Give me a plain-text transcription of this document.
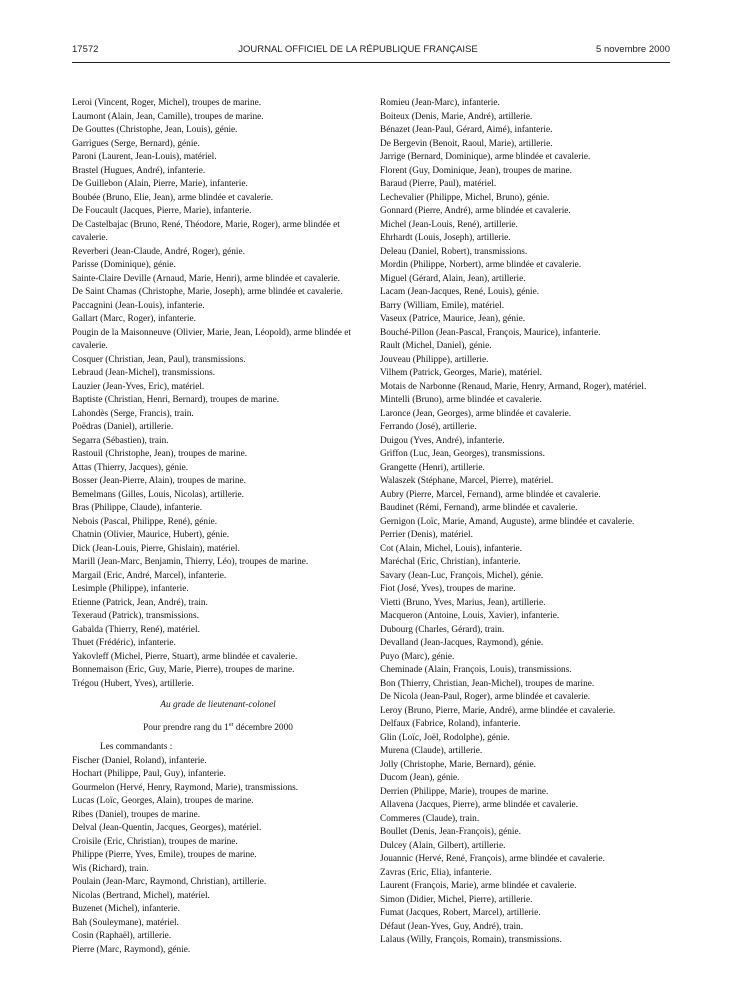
17572	JOURNAL OFFICIEL DE LA RÉPUBLIQUE FRANÇAISE	5 novembre 2000
Leroi (Vincent, Roger, Michel), troupes de marine.
Laumont (Alain, Jean, Camille), troupes de marine.
De Gouttes (Christophe, Jean, Louis), génie.
Garrigues (Serge, Bernard), génie.
Paroni (Laurent, Jean-Louis), matériel.
Brastel (Hugues, André), infanterie.
De Guillebon (Alain, Pierre, Marie), infanterie.
Boubée (Bruno, Elie, Jean), arme blindée et cavalerie.
De Foucault (Jacques, Pierre, Marie), infanterie.
De Castelbajac (Bruno, René, Théodore, Marie, Roger), arme blindée et cavalerie.
Reverberi (Jean-Claude, André, Roger), génie.
Parisse (Dominique), génie.
Sainte-Claire Deville (Arnaud, Marie, Henri), arme blindée et cavalerie.
De Saint Chamas (Christophe, Marie, Joseph), arme blindée et cavalerie.
Paccagnini (Jean-Louis), infanterie.
Gallart (Marc, Roger), infanterie.
Pougin de la Maisonneuve (Olivier, Marie, Jean, Léopold), arme blindée et cavalerie.
Cosquer (Christian, Jean, Paul), transmissions.
Lebraud (Jean-Michel), transmissions.
Lauzier (Jean-Yves, Eric), matériel.
Baptiste (Christian, Henri, Bernard), troupes de marine.
Lahondès (Serge, Francis), train.
Poëdras (Daniel), artillerie.
Segarra (Sébastien), train.
Rastouil (Christophe, Jean), troupes de marine.
Attas (Thierry, Jacques), génie.
Bosser (Jean-Pierre, Alain), troupes de marine.
Bemelmans (Gilles, Louis, Nicolas), artillerie.
Bras (Philippe, Claude), infanterie.
Nebois (Pascal, Philippe, René), génie.
Chatnin (Olivier, Maurice, Hubert), génie.
Dick (Jean-Louis, Pierre, Ghislain), matériel.
Marill (Jean-Marc, Benjamin, Thierry, Léo), troupes de marine.
Margail (Eric, André, Marcel), infanterie.
Lesimple (Philippe), infanterie.
Etienne (Patrick, Jean, André), train.
Texeraud (Patrick), transmissions.
Gabalda (Thierry, René), matériel.
Thuet (Frédéric), infanterie.
Yakovleff (Michel, Pierre, Stuart), arme blindée et cavalerie.
Bonnemaison (Eric, Guy, Marie, Pierre), troupes de marine.
Trégou (Hubert, Yves), artillerie.
Au grade de lieutenant-colonel
Pour prendre rang du 1er décembre 2000
Les commandants :
Fischer (Daniel, Roland), infanterie.
Hochart (Philippe, Paul, Guy), infanterie.
Gourmelon (Hervé, Henry, Raymond, Marie), transmissions.
Lucas (Loïc, Georges, Alain), troupes de marine.
Ribes (Daniel), troupes de marine.
Delval (Jean-Quentin, Jacques, Georges), matériel.
Croisile (Eric, Christian), troupes de marine.
Philippe (Pierre, Yves, Emile), troupes de marine.
Wis (Richard), train.
Poulain (Jean-Marc, Raymond, Christian), artillerie.
Nicolas (Bertrand, Michel), matériel.
Buzenet (Michel), infanterie.
Bah (Souleymane), matériel.
Cosin (Raphaël), artillerie.
Pierre (Marc, Raymond), génie.
Romieu (Jean-Marc), infanterie.
Boiteux (Denis, Marie, André), artillerie.
Bénazet (Jean-Paul, Gérard, Aimé), infanterie.
De Bergevin (Benoit, Raoul, Marie), artillerie.
Jarrige (Bernard, Dominique), arme blindée et cavalerie.
Florent (Guy, Dominique, Jean), troupes de marine.
Baraud (Pierre, Paul), matériel.
Lechevalier (Philippe, Michel, Bruno), génie.
Gonnard (Pierre, André), arme blindée et cavalerie.
Michel (Jean-Louis, René), artillerie.
Ehrhardt (Louis, Joseph), artillerie.
Deleau (Daniel, Robert), transmissions.
Mordin (Philippe, Norbert), arme blindée et cavalerie.
Miguel (Gérard, Alain, Jean), artillerie.
Lacam (Jean-Jacques, René, Louis), génie.
Barry (William, Emile), matériel.
Vaseux (Patrice, Maurice, Jean), génie.
Bouché-Pillon (Jean-Pascal, François, Maurice), infanterie.
Rault (Michel, Daniel), génie.
Jouveau (Philippe), artillerie.
Vilhem (Patrick, Georges, Marie), matériel.
Motais de Narbonne (Renaud, Marie, Henry, Armand, Roger), matériel.
Mintelli (Bruno), arme blindée et cavalerie.
Laronce (Jean, Georges), arme blindée et cavalerie.
Ferrando (José), artillerie.
Duigou (Yves, André), infanterie.
Griffon (Luc, Jean, Georges), transmissions.
Grangette (Henri), artillerie.
Walaszek (Stéphane, Marcel, Pierre), matériel.
Aubry (Pierre, Marcel, Fernand), arme blindée et cavalerie.
Baudinet (Rémi, Fernand), arme blindée et cavalerie.
Gernigon (Loïc, Marie, Amand, Auguste), arme blindée et cavalerie.
Perrier (Denis), matériel.
Cot (Alain, Michel, Louis), infanterie.
Maréchal (Eric, Christian), infanterie.
Savary (Jean-Luc, François, Michel), génie.
Fiot (José, Yves), troupes de marine.
Vietti (Bruno, Yves, Marius, Jean), artillerie.
Macqueron (Antoine, Louis, Xavier), infanterie.
Dubourg (Charles, Gérard), train.
Devalland (Jean-Jacques, Raymond), génie.
Puyo (Marc), génie.
Cheminade (Alain, François, Louis), transmissions.
Bon (Thierry, Christian, Jean-Michel), troupes de marine.
De Nicola (Jean-Paul, Roger), arme blindée et cavalerie.
Leroy (Bruno, Pierre, Marie, André), arme blindée et cavalerie.
Delfaux (Fabrice, Roland), infanterie.
Glin (Loïc, Joël, Rodolphe), génie.
Murena (Claude), artillerie.
Jolly (Christophe, Marie, Bernard), génie.
Ducom (Jean), génie.
Derrien (Philippe, Marie), troupes de marine.
Allavena (Jacques, Pierre), arme blindée et cavalerie.
Commeres (Claude), train.
Boullet (Denis, Jean-François), génie.
Dulcey (Alain, Gilbert), artillerie.
Jouannic (Hervé, René, François), arme blindée et cavalerie.
Zavras (Eric, Elia), infanterie.
Laurent (François, Marie), arme blindée et cavalerie.
Simon (Didier, Michel, Pierre), artillerie.
Fumat (Jacques, Robert, Marcel), artillerie.
Défaut (Jean-Yves, Guy, André), train.
Lalaus (Willy, François, Romain), transmissions.
